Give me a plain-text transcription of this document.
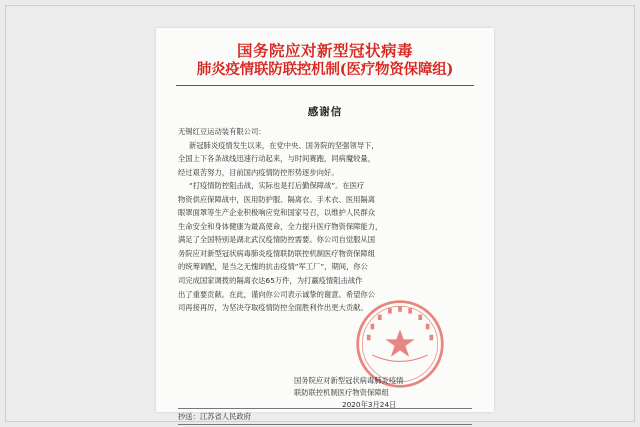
国务院应对新型冠状病毒
肺炎疫情联防联控机制(医疗物资保障组)
感谢信

无锡红豆运动装有限公司：

新冠肺炎疫情发生以来，在党中央、国务院的坚强领导下，
全国上下各条战线迅速行动起来，与时间赛跑，同病魔较量，
经过艰苦努力，目前国内疫情防控形势逐步向好。

“打疫情防控阻击战，实际也是打后勤保障战”。在医疗
物资供应保障战中，医用防护服、隔离衣、手术衣、医用隔离
眼罩面罩等生产企业积极响应党和国家号召，以维护人民群众
生命安全和身体健康为最高使命，全力提升医疗物资保障能力，
满足了全国特别是湖北武汉疫情防控需要。你公司自觉服从国
务院应对新型冠状病毒肺炎疫情联防联控机制医疗物资保障组
的统筹调配，是当之无愧的抗击疫情“军工厂”，期间，你公
司完成国家调拨的隔离衣达65万件，为打赢疫情阻击战作
出了重要贡献。在此，谨向你公司表示诚挚的谢意。希望你公
司再接再厉，为坚决夺取疫情防控全面胜利作出更大贡献。

国务院应对新型冠状病毒肺炎疫情
联防联控机制医疗物资保障组
2020年3月24日
抄送：江苏省人民政府
